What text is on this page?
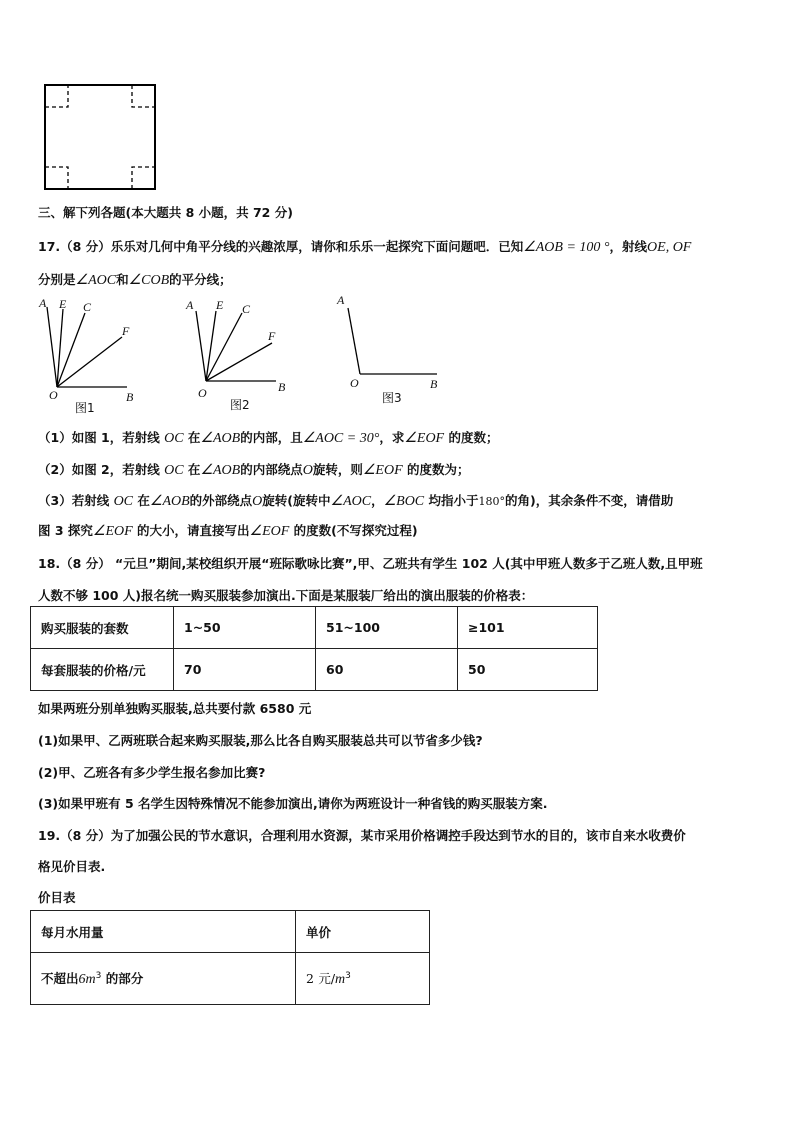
三、解下列各题(本大题共 8 小题，共 72 分)
17.（8 分）乐乐对几何中角平分线的兴趣浓厚，请你和乐乐一起探究下面问题吧．已知∠AOB = 100 °，射线OE, OF
分别是∠AOC和∠COB的平分线；
A E C
F
O	B
图1
A E C
F
O	B
图2
A
O	B
图3
（1）如图 1，若射线 OC 在∠AOB的内部，且∠AOC = 30°，求∠EOF 的度数；
（2）如图 2，若射线 OC 在∠AOB的内部绕点O旋转，则∠EOF 的度数为；
（3）若射线 OC 在∠AOB的外部绕点O旋转(旋转中∠AOC，∠BOC 均指小于180°的角)，其余条件不变，请借助
图 3 探究∠EOF 的大小，请直接写出∠EOF 的度数(不写探究过程)
18.（8 分） “元旦”期间,某校组织开展“班际歌咏比赛”,甲、乙班共有学生 102 人(其中甲班人数多于乙班人数,且甲班
人数不够 100 人)报名统一购买服装参加演出.下面是某服装厂给出的演出服装的价格表：
购买服装的套数	1~50	51~100	≥101
每套服装的价格/元	70	60	50
如果两班分别单独购买服装,总共要付款 6580 元
(1)如果甲、乙两班联合起来购买服装,那么比各自购买服装总共可以节省多少钱?
(2)甲、乙班各有多少学生报名参加比赛?
(3)如果甲班有 5 名学生因特殊情况不能参加演出,请你为两班设计一种省钱的购买服装方案.
19.（8 分）为了加强公民的节水意识，合理利用水资源，某市采用价格调控手段达到节水的目的，该市自来水收费价
格见价目表.
价目表
每月水用量	单价
不超出$6m^3$ 的部分	2 元$/m^3$
